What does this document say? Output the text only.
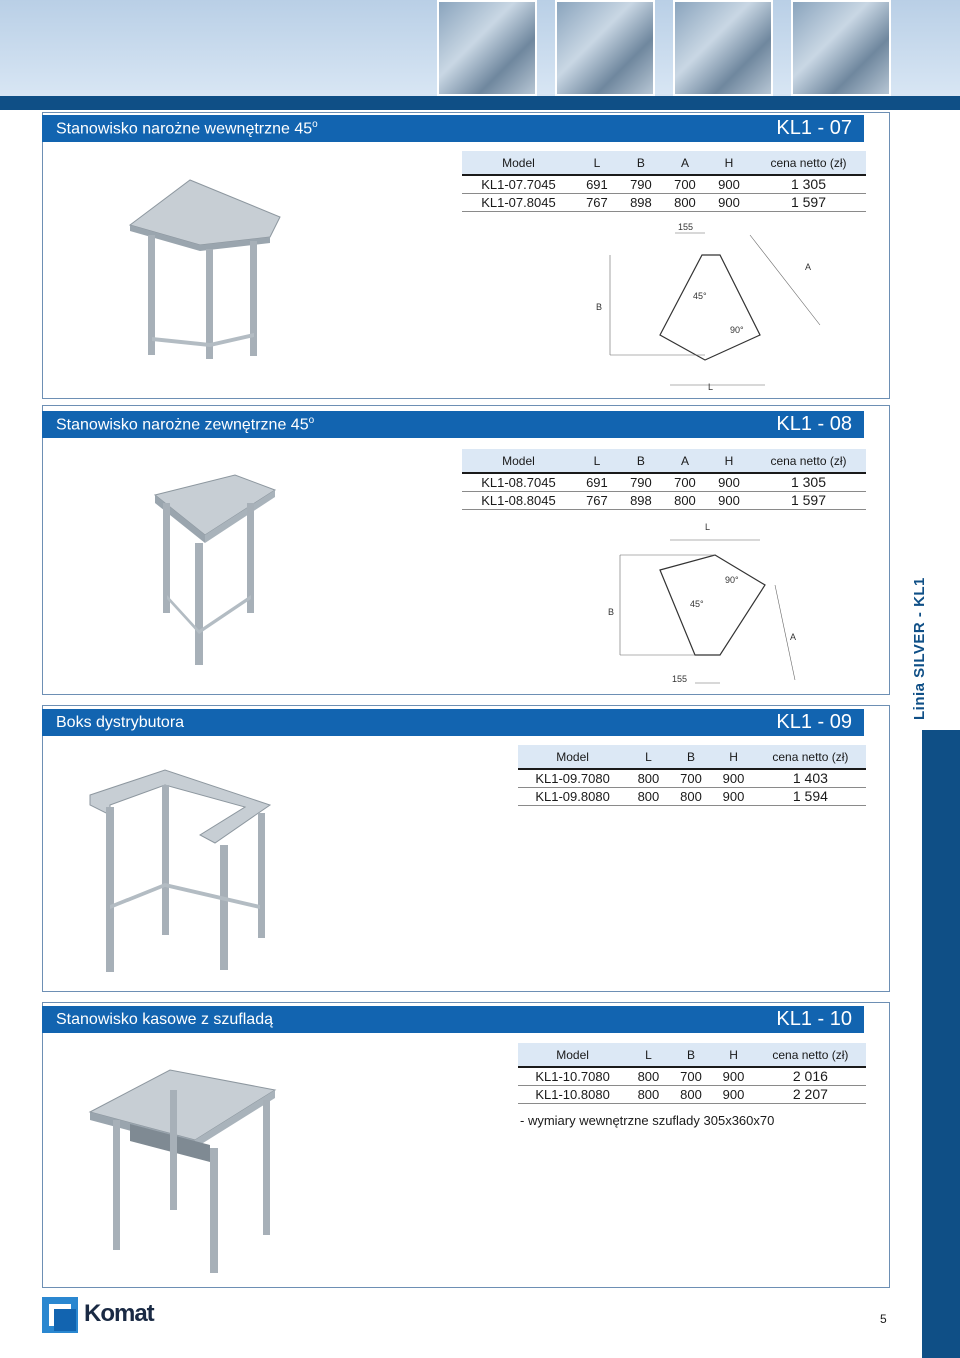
Linia SILVER - KL1
Stanowisko narożne wewnętrzne 45$^o$	KL1 - 07
Model	L	B	A	H	cena netto (zł)
KL1-07.7045	691	790	700	900	1 305
KL1-07.8045	767	898	800	900	1 597
155
B
A
L
45°
90°
Stanowisko narożne zewnętrzne 45$^o$	KL1 - 08
Model	L	B	A	H	cena netto (zł)
KL1-08.7045	691	790	700	900	1 305
KL1-08.8045	767	898	800	900	1 597
L
B
A
155
45°
90°
Boks dystrybutora	KL1 - 09
Model	L	B	H	cena netto (zł)
KL1-09.7080	800	700	900	1 403
KL1-09.8080	800	800	900	1 594
Stanowisko kasowe z szufladą	KL1 - 10
Model	L	B	H	cena netto (zł)
KL1-10.7080	800	700	900	2 016
KL1-10.8080	800	800	900	2 207
- wymiary wewnętrzne szuflady 305x360x70
Komat	5
